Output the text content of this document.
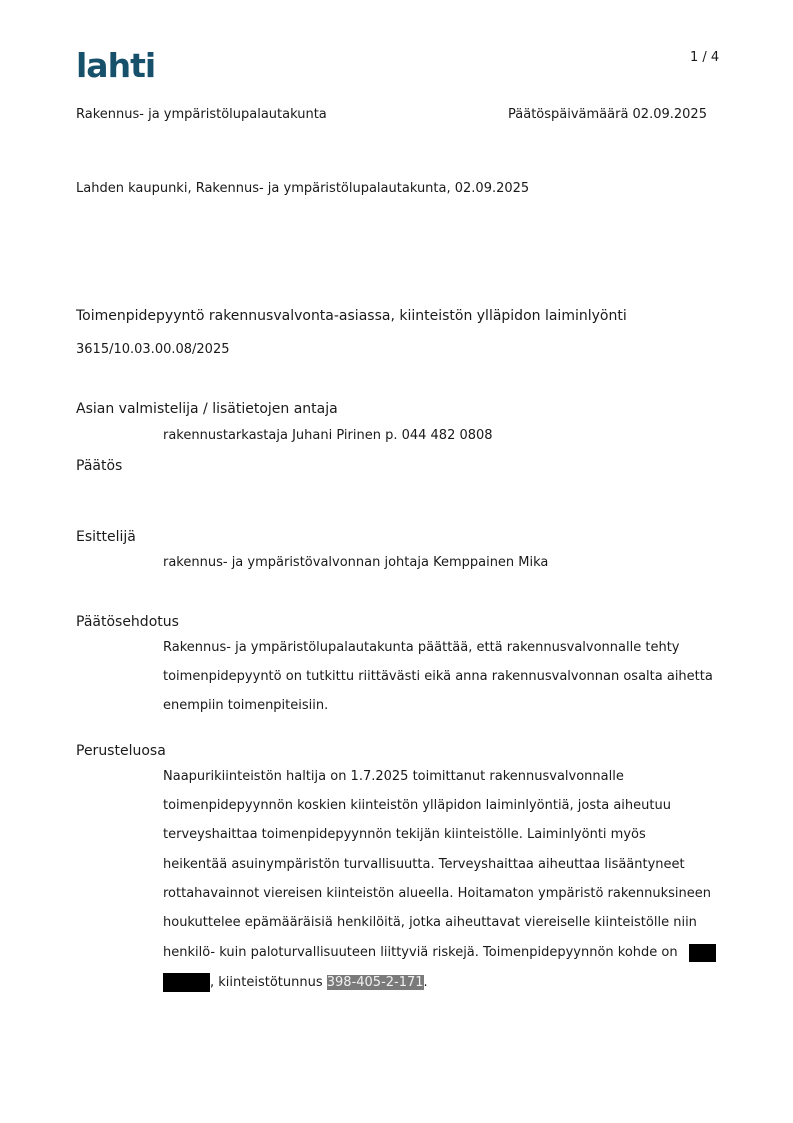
lahti	1 / 4
Rakennus- ja ympäristölupalautakunta	Päätöspäivämäärä 02.09.2025
Lahden kaupunki, Rakennus- ja ympäristölupalautakunta, 02.09.2025
Toimenpidepyyntö rakennusvalvonta-asiassa, kiinteistön ylläpidon laiminlyönti
3615/10.03.00.08/2025
Asian valmistelija / lisätietojen antaja
rakennustarkastaja Juhani Pirinen p. 044 482 0808
Päätös
Esittelijä
rakennus- ja ympäristövalvonnan johtaja Kemppainen Mika
Päätösehdotus
Rakennus- ja ympäristölupalautakunta päättää, että rakennusvalvonnalle tehty
toimenpidepyyntö on tutkittu riittävästi eikä anna rakennusvalvonnan osalta aihetta
enempiin toimenpiteisiin.
Perusteluosa
Naapurikiinteistön haltija on 1.7.2025 toimittanut rakennusvalvonnalle
toimenpidepyynnön koskien kiinteistön ylläpidon laiminlyöntiä, josta aiheutuu
terveyshaittaa toimenpidepyynnön tekijän kiinteistölle. Laiminlyönti myös
heikentää asuinympäristön turvallisuutta. Terveyshaittaa aiheuttaa lisääntyneet
rottahavainnot viereisen kiinteistön alueella. Hoitamaton ympäristö rakennuksineen
houkuttelee epämääräisiä henkilöitä, jotka aiheuttavat viereiselle kiinteistölle niin
henkilö- kuin paloturvallisuuteen liittyviä riskejä. Toimenpidepyynnön kohde on
, kiinteistötunnus 398-405-2-171.
